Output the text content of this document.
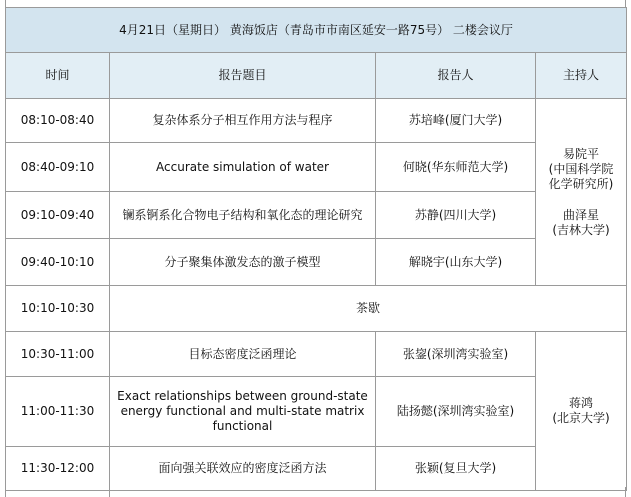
4月21日（星期日） 黄海饭店（青岛市市南区延安一路75号） 二楼会议厅			
时间	报告题目	报告人	主持人
08:10-08:40	复杂体系分子相互作用方法与程序	苏培峰(厦门大学)	易院平
(中国科学院
化学研究所)
曲泽星
(吉林大学)

08:40-09:10	Accurate simulation of water	何晓(华东师范大学)	
09:10-09:40	镧系锕系化合物电子结构和氧化态的理论研究	苏静(四川大学)	
09:40-10:10	分子聚集体激发态的激子模型	解晓宇(山东大学)	
10:10-10:30	茶歇		
10:30-11:00	目标态密度泛函理论	张鋆(深圳湾实验室)	蒋鸿
(北京大学)

11:00-11:30	Exact relationships between ground-state energy functional and multi-state matrix functional	陆扬懿(深圳湾实验室)	
11:30-12:00	面向强关联效应的密度泛函方法	张颖(复旦大学)	
